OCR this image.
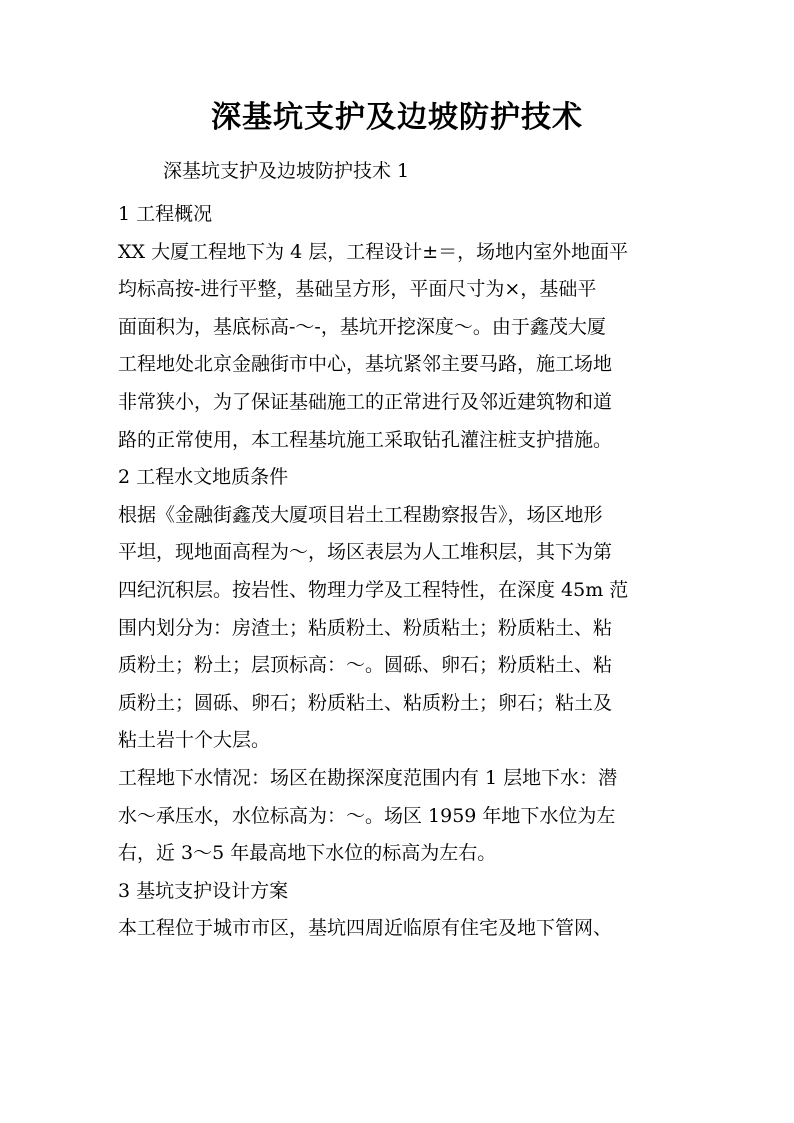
深基坑支护及边坡防护技术
深基坑支护及边坡防护技术 1
1 工程概况
XX 大厦工程地下为 4 层，工程设计±＝，场地内室外地面平
均标高按-进行平整，基础呈方形，平面尺寸为×，基础平
面面积为，基底标高-～-，基坑开挖深度～。由于鑫茂大厦
工程地处北京金融街市中心，基坑紧邻主要马路，施工场地
非常狭小，为了保证基础施工的正常进行及邻近建筑物和道
路的正常使用，本工程基坑施工采取钻孔灌注桩支护措施。
2 工程水文地质条件
根据《金融街鑫茂大厦项目岩土工程勘察报告》，场区地形
平坦，现地面高程为～，场区表层为人工堆积层，其下为第
四纪沉积层。按岩性、物理力学及工程特性，在深度 45m 范
围内划分为：房渣土；粘质粉土、粉质粘土；粉质粘土、粘
质粉土；粉土；层顶标高：～。圆砾、卵石；粉质粘土、粘
质粉土；圆砾、卵石；粉质粘土、粘质粉土；卵石；粘土及
粘土岩十个大层。
工程地下水情况：场区在勘探深度范围内有 1 层地下水：潜
水～承压水，水位标高为：～。场区 1959 年地下水位为左
右，近 3～5 年最高地下水位的标高为左右。
3 基坑支护设计方案
本工程位于城市市区，基坑四周近临原有住宅及地下管网、
